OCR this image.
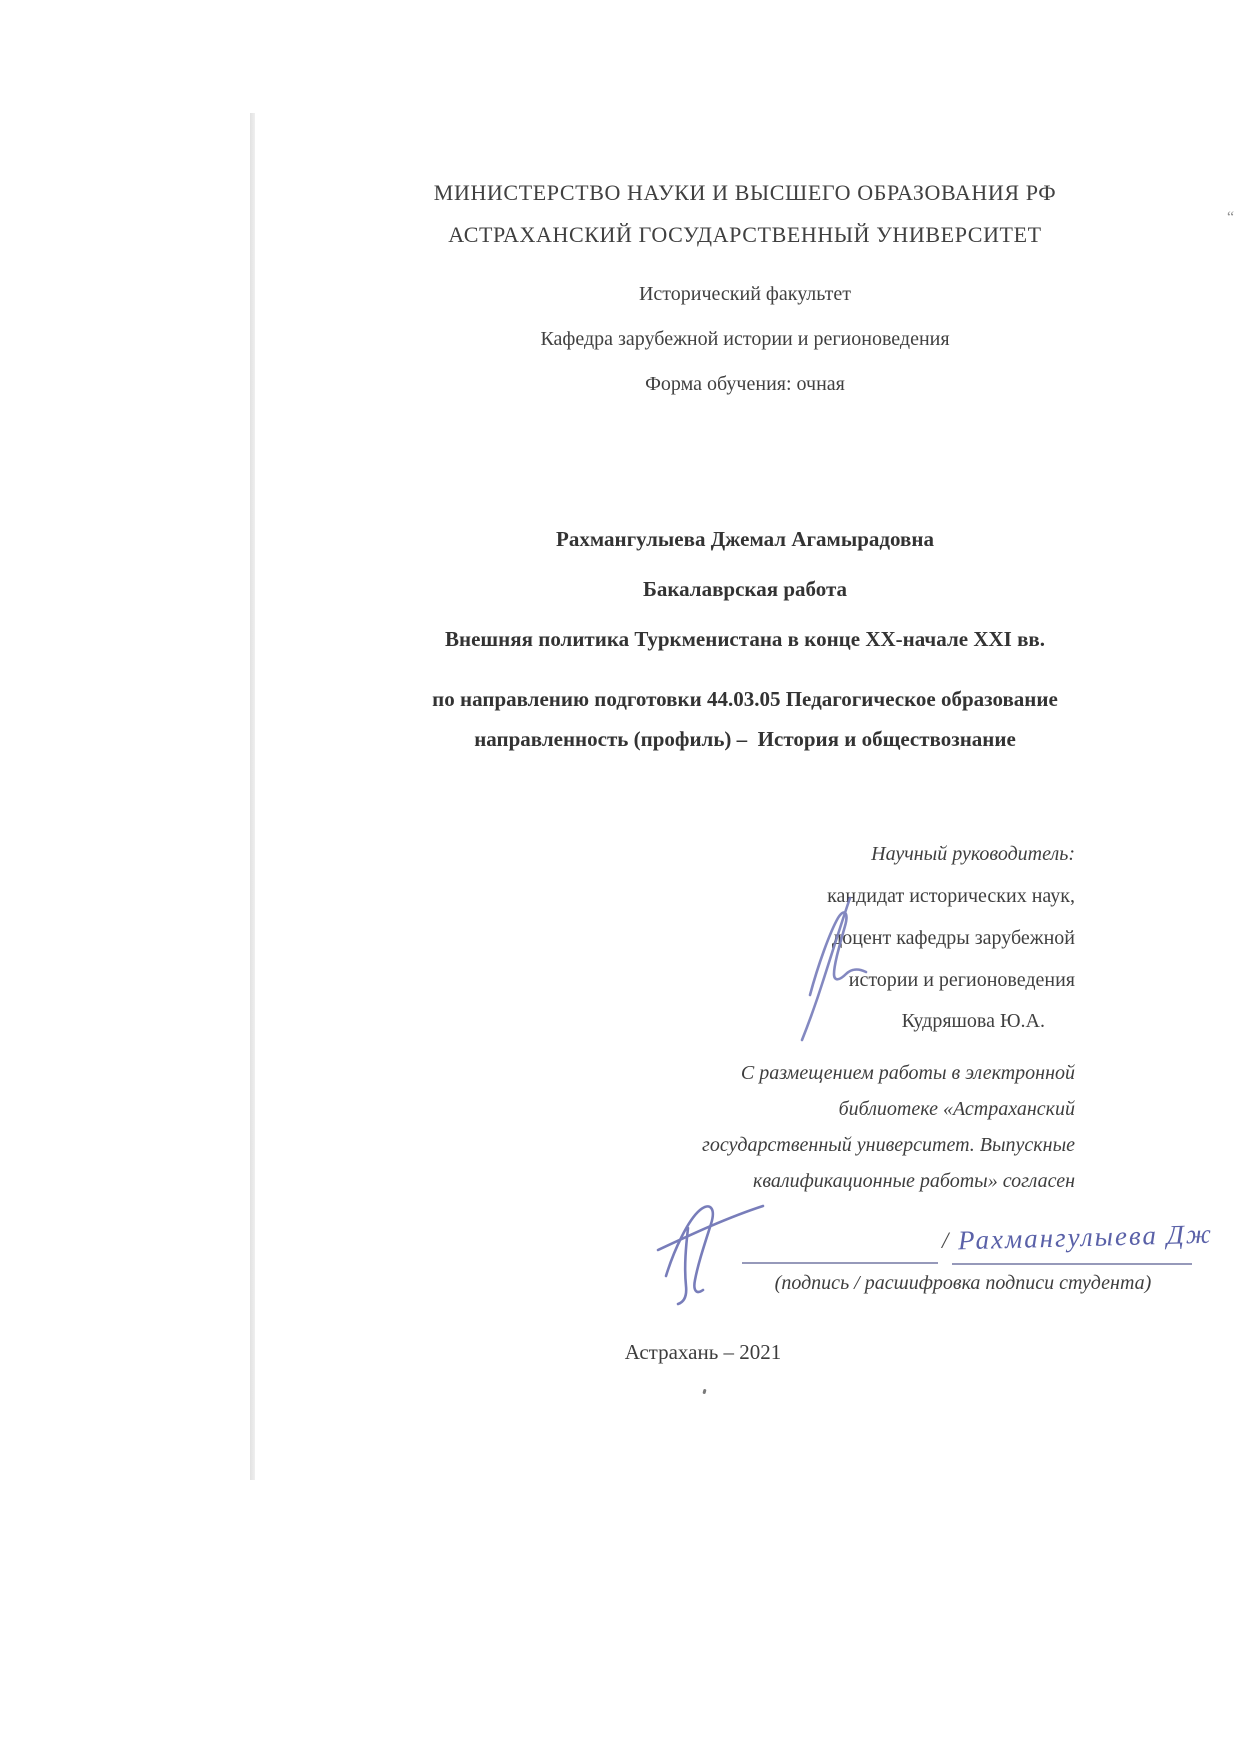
“
МИНИСТЕРСТВО НАУКИ И ВЫСШЕГО ОБРАЗОВАНИЯ РФ
АСТРАХАНСКИЙ ГОСУДАРСТВЕННЫЙ УНИВЕРСИТЕТ
Исторический факультет
Кафедра зарубежной истории и регионоведения
Форма обучения: очная
Рахмангулыева Джемал Агамырадовна
Бакалаврская работа
Внешняя политика Туркменистана в конце XX-начале XXI вв.
по направлению подготовки 44.03.05 Педагогическое образование
направленность (профиль) –  История и обществознание
Научный руководитель:
кандидат исторических наук,
доцент кафедры зарубежной
истории и регионоведения
Кудряшова Ю.А.
С размещением работы в электронной
библиотеке «Астраханский
государственный университет. Выпускные
квалификационные работы» согласен
/ Рахмангулыева Дж
(подпись / расшифровка подписи студента)
Астрахань – 2021
